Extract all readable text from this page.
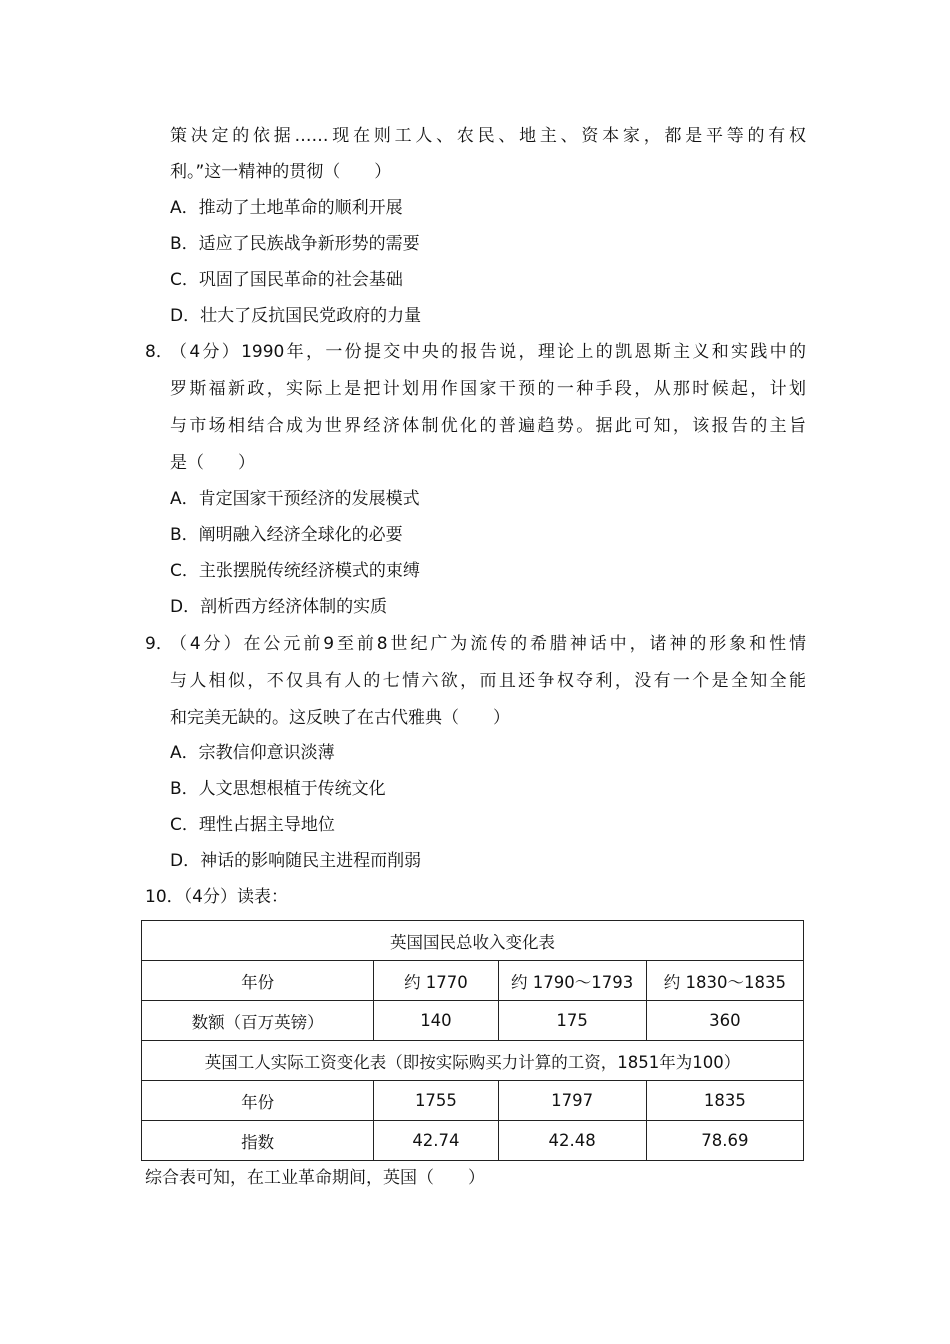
策决定的依据……现在则工人、农民、地主、资本家，都是平等的有权
利。”这一精神的贯彻（　　）
A．推动了土地革命的顺利开展
B．适应了民族战争新形势的需要
C．巩固了国民革命的社会基础
D．壮大了反抗国民党政府的力量
8．
（4分）1990年，一份提交中央的报告说，理论上的凯恩斯主义和实践中的
罗斯福新政，实际上是把计划用作国家干预的一种手段，从那时候起，计划
与市场相结合成为世界经济体制优化的普遍趋势。据此可知，该报告的主旨
是（　　）
A．肯定国家干预经济的发展模式
B．阐明融入经济全球化的必要
C．主张摆脱传统经济模式的束缚
D．剖析西方经济体制的实质
9．
（4分）在公元前9至前8世纪广为流传的希腊神话中，诸神的形象和性情
与人相似，不仅具有人的七情六欲，而且还争权夺利，没有一个是全知全能
和完美无缺的。这反映了在古代雅典（　　）
A．宗教信仰意识淡薄
B．人文思想根植于传统文化
C．理性占据主导地位
D．神话的影响随民主进程而削弱
10．（4分）读表：
英国国民总收入变化表			
年份	约 1770	约 1790～1793	约 1830～1835
数额（百万英镑）	140	175	360
英国工人实际工资变化表（即按实际购买力计算的工资，1851年为100）			
年份	1755	1797	1835
指数	42.74	42.48	78.69
综合表可知，在工业革命期间，英国（　　）
